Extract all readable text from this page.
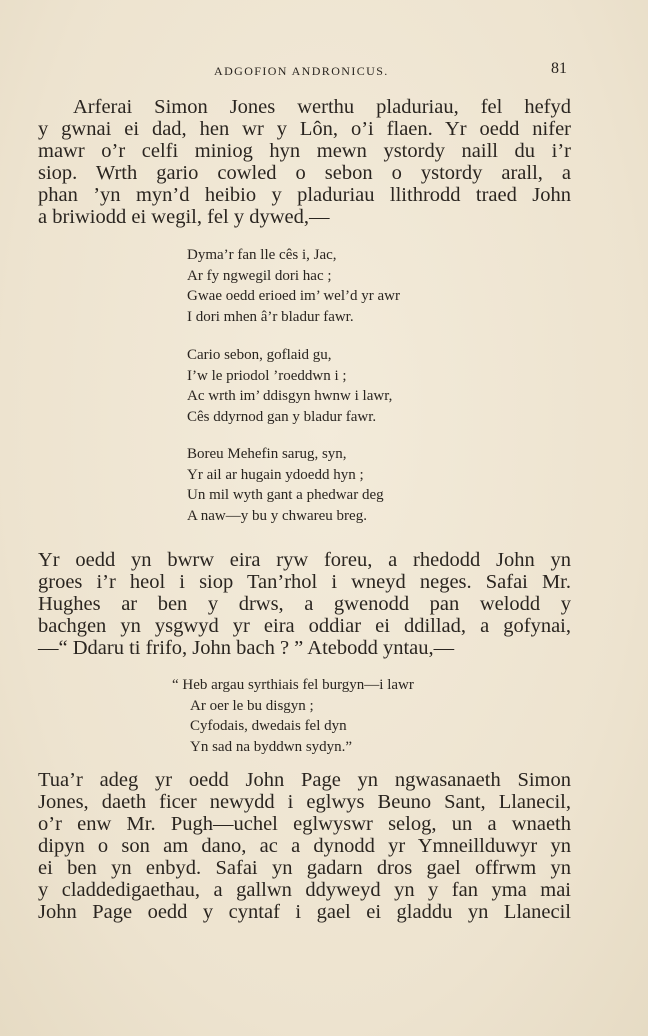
ADGOFION ANDRONICUS.	81
Arferai Simon Jones werthu pladuriau, fel hefyd
y gwnai ei dad, hen wr y Lôn, o’i flaen. Yr oedd nifer
mawr o’r celfi miniog hyn mewn ystordy naill du i’r
siop. Wrth gario cowled o sebon o ystordy arall, a
phan ’yn myn’d heibio y pladuriau llithrodd traed John
a briwiodd ei wegil, fel y dywed,—
Dyma’r fan lle cês i, Jac,
Ar fy ngwegil dori hac ;
Gwae oedd erioed im’ wel’d yr awr
I dori mhen â’r bladur fawr.
Cario sebon, goflaid gu,
I’w le priodol ’roeddwn i ;
Ac wrth im’ ddisgyn hwnw i lawr,
Cês ddyrnod gan y bladur fawr.
Boreu Mehefin sarug, syn,
Yr ail ar hugain ydoedd hyn ;
Un mil wyth gant a phedwar deg
A naw—y bu y chwareu breg.
Yr oedd yn bwrw eira ryw foreu, a rhedodd John yn
groes i’r heol i siop Tan’rhol i wneyd neges. Safai Mr.
Hughes ar ben y drws, a gwenodd pan welodd y
bachgen yn ysgwyd yr eira oddiar ei ddillad, a gofynai,
—“ Ddaru ti frifo, John bach ? ” Atebodd yntau,—
“ Heb argau syrthiais fel burgyn—i lawr
Ar oer le bu disgyn ;
Cyfodais, dwedais fel dyn
Yn sad na byddwn sydyn.”
Tua’r adeg yr oedd John Page yn ngwasanaeth Simon
Jones, daeth ficer newydd i eglwys Beuno Sant, Llanecil,
o’r enw Mr. Pugh—uchel eglwyswr selog, un a wnaeth
dipyn o son am dano, ac a dynodd yr Ymneillduwyr yn
ei ben yn enbyd. Safai yn gadarn dros gael offrwm yn
y claddedigaethau, a gallwn ddyweyd yn y fan yma mai
John Page oedd y cyntaf i gael ei gladdu yn Llanecil
